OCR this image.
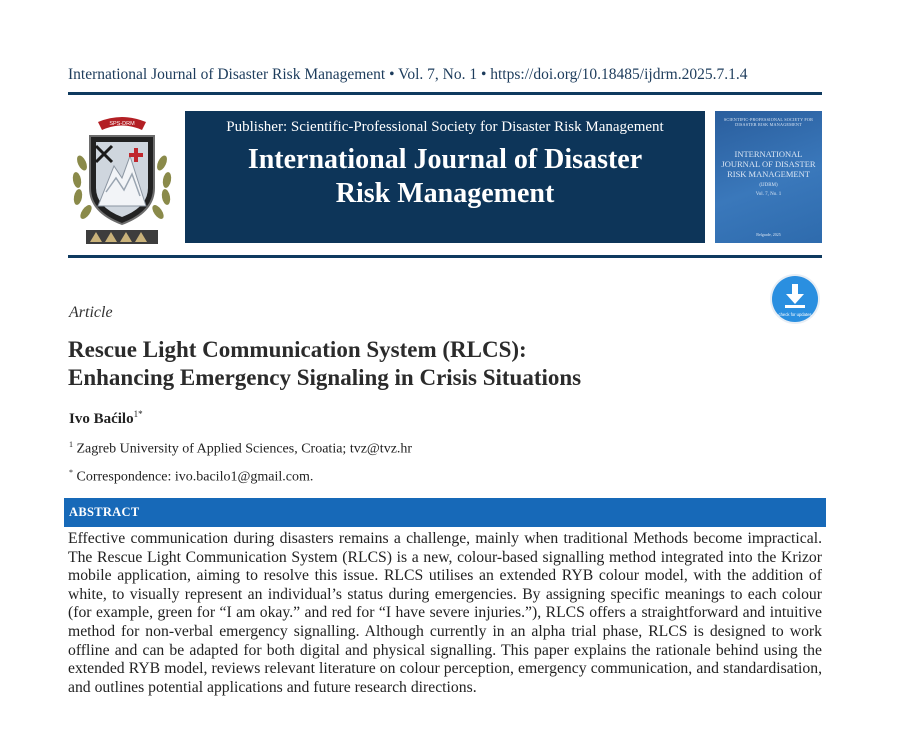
International Journal of Disaster Risk Management • Vol. 7, No. 1 • https://doi.org/10.18485/ijdrm.2025.7.1.4
SPS-DRM	Publisher: Scientific-Professional Society for Disaster Risk Management
International Journal of Disaster
Risk Management
SCIENTIFIC-PROFESSIONAL SOCIETY FOR DISASTER RISK MANAGEMENT
INTERNATIONAL JOURNAL OF DISASTER RISK MANAGEMENT
(IJDRM)
Vol. 7, No. 1
Belgrade, 2025
check for updates
Article
Rescue Light Communication System (RLCS):
Enhancing Emergency Signaling in Crisis Situations
Ivo Baćilo$^{1*}$
$^1$ Zagreb University of Applied Sciences, Croatia; tvz@tvz.hr
* Correspondence: ivo.bacilo1@gmail.com.
ABSTRACT
Effective communication during disasters remains a challenge, mainly when traditional Methods become impractical. The Rescue Light Communication System (RLCS) is a new, colour-based signalling method integrated into the Krizor mobile application, aiming to resolve this issue. RLCS utilises an extended RYB colour model, with the addition of white, to visually represent an individual’s status during emergencies. By assigning specific meanings to each colour (for example, green for “I am okay.” and red for “I have severe injuries.”), RLCS offers a straightforward and intuitive method for non-verbal emergency signalling. Although currently in an alpha trial phase, RLCS is designed to work offline and can be adapted for both digital and physical signalling. This paper explains the rationale behind using the extended RYB model, reviews relevant literature on colour perception, emergency communication, and standardisation, and outlines potential applications and future research directions.
